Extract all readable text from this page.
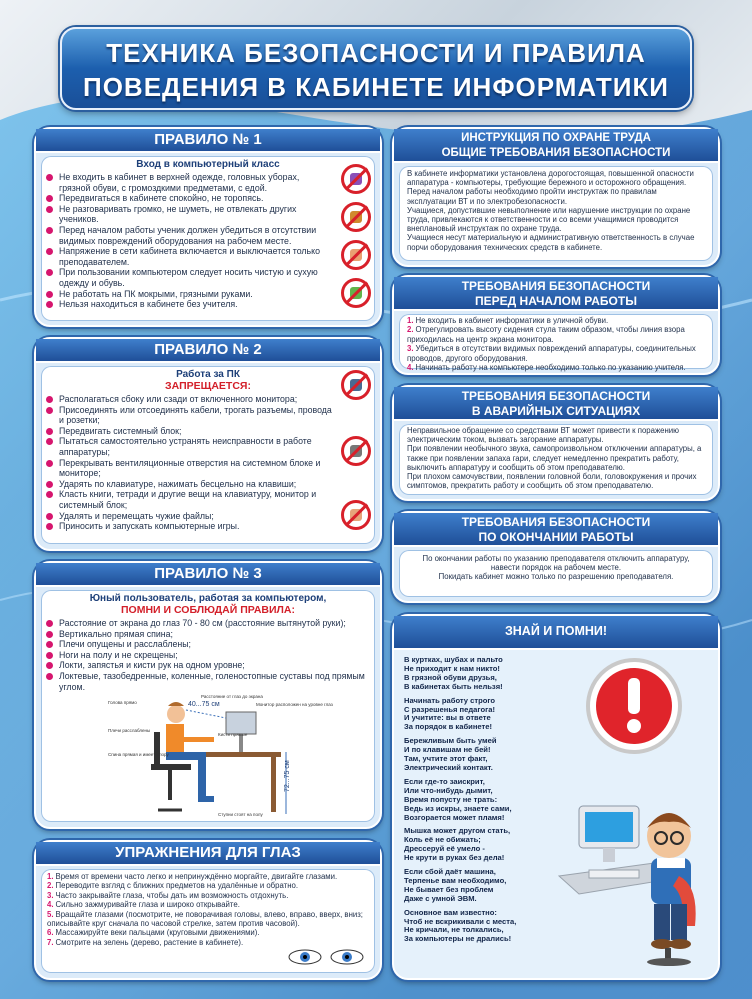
ТЕХНИКА БЕЗОПАСНОСТИ И ПРАВИЛА
ПОВЕДЕНИЯ В КАБИНЕТЕ ИНФОРМАТИКИ
ПРАВИЛО № 1
Вход в компьютерный класс
Не входить в кабинет в верхней одежде, головных уборах, грязной обуви, с громоздкими предметами, с едой.
Передвигаться в кабинете спокойно, не торопясь.
Не разговаривать громко, не шуметь, не отвлекать других учеников.
Перед началом работы ученик должен убедиться в отсутствии видимых повреждений оборудования на рабочем месте.
Напряжение в сети кабинета включается и выключается только преподавателем.
При пользовании компьютером следует носить чистую и сухую одежду и обувь.
Не работать на ПК мокрыми, грязными руками.
Нельзя находиться в кабинете без учителя.
ПРАВИЛО № 2
Работа за ПК
ЗАПРЕЩАЕТСЯ:
Располагаться сбоку или сзади от включенного монитора;
Присоединять или отсоединять кабели, трогать разъемы, провода и розетки;
Передвигать системный блок;
Пытаться самостоятельно устранять неисправности в работе аппаратуры;
Перекрывать вентиляционные отверстия на системном блоке и мониторе;
Ударять по клавиатуре, нажимать бесцельно на клавиши;
Класть книги, тетради и другие вещи на клавиатуру, монитор и системный блок;
Удалять и перемещать чужие файлы;
Приносить и запускать компьютерные игры.
ПРАВИЛО № 3
Юный пользователь, работая за компьютером,
ПОМНИ И СОБЛЮДАЙ ПРАВИЛА:
Расстояние от экрана до глаз 70 - 80 см (расстояние вытянутой руки);
Вертикально прямая спина;
Плечи опущены и расслаблены;
Ноги на полу и не скрещены;
Локти, запястья и кисти рук на одном уровне;
Локтевые, тазобедренные, коленные, голеностопные суставы под прямым углом.
40...75 см
72...75 см
Голова прямо
Плечи расслаблены
Спина прямая и имеет опору
Расстояние от глаз до экрана
Монитор расположен на уровне глаз
Кисти прямые
Ступни стоят на полу
УПРАЖНЕНИЯ ДЛЯ ГЛАЗ
1. Время от времени часто легко и непринуждённо моргайте, двигайте глазами.
2. Переводите взгляд с ближних предметов на удалённые и обратно.
3. Часто закрывайте глаза, чтобы дать им возможность отдохнуть.
4. Сильно зажмуривайте глаза и широко открывайте.
5. Вращайте глазами (посмотрите, не поворачивая головы, влево, вправо, вверх, вниз; описывайте круг сначала по часовой стрелке, затем против часовой).
6. Массажируйте веки пальцами (круговыми движениями).
7. Смотрите на зелень (дерево, растение в кабинете).
ИНСТРУКЦИЯ ПО ОХРАНЕ ТРУДА
ОБЩИЕ ТРЕБОВАНИЯ БЕЗОПАСНОСТИ

В кабинете информатики установлена дорогостоящая, повышенной опасности аппаратура - компьютеры, требующие бережного и осторожного обращения.

Перед началом работы необходимо пройти инструктаж по правилам эксплуатации ВТ и по электробезопасности.

Учащиеся, допустившие невыполнение или нарушение инструкции по охране труда, привлекаются к ответственности и со всеми учащимися проводится внеплановый инструктаж по охране труда.

Учащиеся несут материальную и административную ответственность в случае порчи оборудования технических средств в кабинете.

ТРЕБОВАНИЯ БЕЗОПАСНОСТИ
ПЕРЕД НАЧАЛОМ РАБОТЫ
1. Не входить в кабинет информатики в уличной обуви.
2. Отрегулировать высоту сидения стула таким образом, чтобы линия взора приходилась на центр экрана монитора.
3. Убедиться в отсутствии видимых повреждений аппаратуры, соединительных проводов, другого оборудования.
4. Начинать работу на компьютере необходимо только по указанию учителя.
ТРЕБОВАНИЯ БЕЗОПАСНОСТИ
В АВАРИЙНЫХ СИТУАЦИЯХ

Неправильное обращение со средствами ВТ может привести к поражению электрическим током, вызвать загорание аппаратуры.

При появлении необычного звука, самопроизвольном отключении аппаратуры, а также при появлении запаха гари, следует немедленно прекратить работу, выключить аппаратуру и сообщить об этом преподавателю.

При плохом самочувствии, появлении головной боли, головокружения и прочих симптомов, прекратить работу и сообщить об этом преподавателю.

ТРЕБОВАНИЯ БЕЗОПАСНОСТИ
ПО ОКОНЧАНИИ РАБОТЫ

По окончании работы по указанию преподавателя отключить аппаратуру, навести порядок на рабочем месте.

Покидать кабинет можно только по разрешению преподавателя.

ЗНАЙ И ПОМНИ!
В куртках, шубах и пальто
Не приходит к нам никто!
В грязной обуви друзья,
В кабинетах быть нельзя!
Начинать работу строго
С разрешенья педагога!
И учитите: вы в ответе
За порядок в кабинете!
Бережливым быть умей
И по клавишам не бей!
Там, учтите этот факт,
Электрический контакт.
Если где-то заискрит,
Или что-нибудь дымит,
Время попусту не трать:
Ведь из искры, знаете сами,
Возгорается может пламя!
Мышка может другом стать,
Коль её не обижать;
Дрессеруй её умело -
Не крути в руках без дела!
Если сбой даёт машина,
Терпенье вам необходимо,
Не бывает без проблем
Даже с умной ЭВМ.
Основное вам известно:
Чтоб не вскрикивали с места,
Не кричали, не толкались,
За компьютеры не дрались!
